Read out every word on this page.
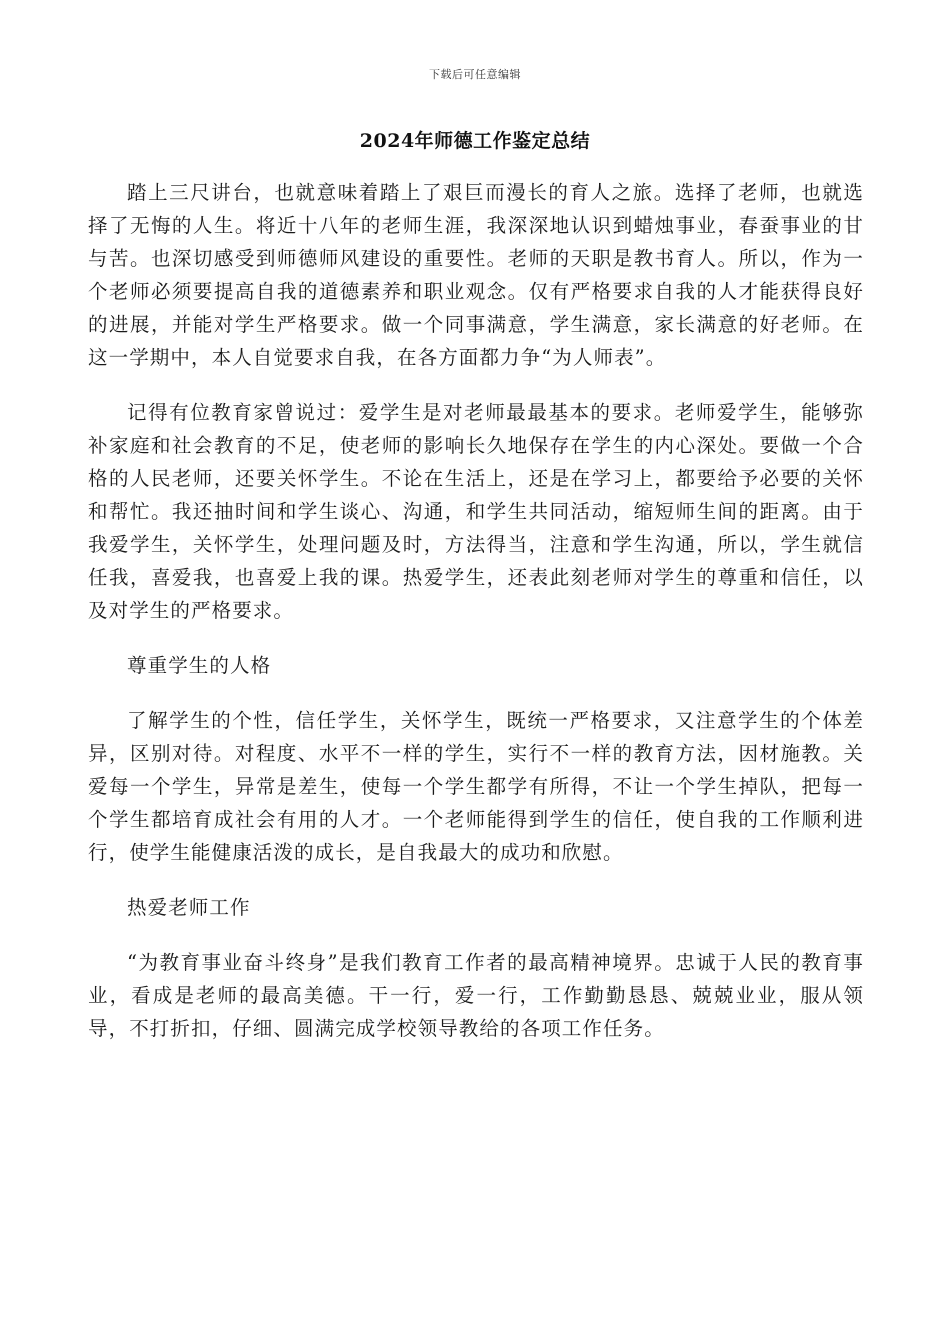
下载后可任意编辑
2024年师德工作鉴定总结

踏上三尺讲台，也就意味着踏上了艰巨而漫长的育人之旅。选择了老师，也就选择了无悔的人生。将近十八年的老师生涯，我深深地认识到蜡烛事业，春蚕事业的甘与苦。也深切感受到师德师风建设的重要性。老师的天职是教书育人。所以，作为一个老师必须要提高自我的道德素养和职业观念。仅有严格要求自我的人才能获得良好的进展，并能对学生严格要求。做一个同事满意，学生满意，家长满意的好老师。在这一学期中，本人自觉要求自我，在各方面都力争“为人师表”。

记得有位教育家曾说过：爱学生是对老师最最基本的要求。老师爱学生，能够弥补家庭和社会教育的不足，使老师的影响长久地保存在学生的内心深处。要做一个合格的人民老师，还要关怀学生。不论在生活上，还是在学习上，都要给予必要的关怀和帮忙。我还抽时间和学生谈心、沟通，和学生共同活动，缩短师生间的距离。由于我爱学生，关怀学生，处理问题及时，方法得当，注意和学生沟通，所以，学生就信任我，喜爱我，也喜爱上我的课。热爱学生，还表此刻老师对学生的尊重和信任，以及对学生的严格要求。

尊重学生的人格

了解学生的个性，信任学生，关怀学生，既统一严格要求，又注意学生的个体差异，区别对待。对程度、水平不一样的学生，实行不一样的教育方法，因材施教。关爱每一个学生，异常是差生，使每一个学生都学有所得，不让一个学生掉队，把每一个学生都培育成社会有用的人才。一个老师能得到学生的信任，使自我的工作顺利进行，使学生能健康活泼的成长，是自我最大的成功和欣慰。

热爱老师工作

“为教育事业奋斗终身”是我们教育工作者的最高精神境界。忠诚于人民的教育事业，看成是老师的最高美德。干一行，爱一行，工作勤勤恳恳、兢兢业业，服从领导，不打折扣，仔细、圆满完成学校领导教给的各项工作任务。
